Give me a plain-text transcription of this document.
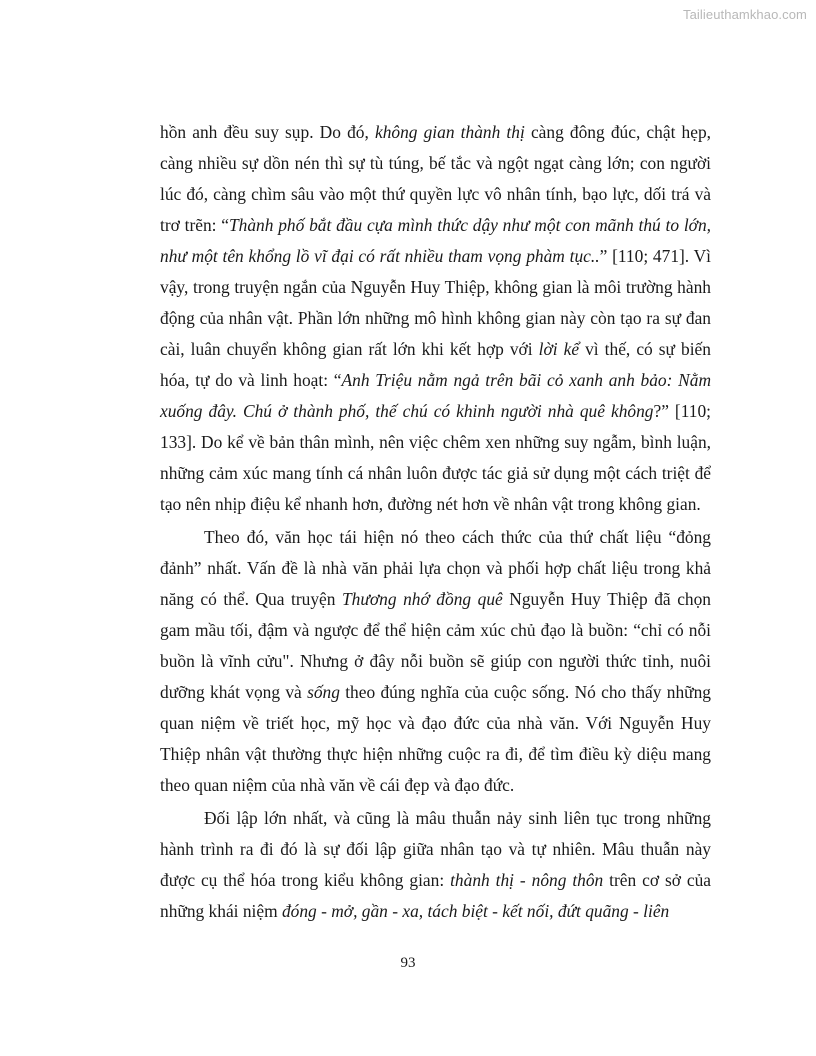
Tailieuthamkhao.com

hồn anh đều suy sụp. Do đó, không gian thành thị càng đông đúc, chật hẹp, càng nhiều sự dồn nén thì sự tù túng, bế tắc và ngột ngạt càng lớn; con người lúc đó, càng chìm sâu vào một thứ quyền lực vô nhân tính, bạo lực, dối trá và trơ trẽn: “Thành phố bắt đầu cựa mình thức dậy như một con mãnh thú to lớn, như một tên khổng lồ vĩ đại có rất nhiều tham vọng phàm tục..” [110; 471]. Vì vậy, trong truyện ngắn của Nguyễn Huy Thiệp, không gian là môi trường hành động của nhân vật. Phần lớn những mô hình không gian này còn tạo ra sự đan cài, luân chuyển không gian rất lớn khi kết hợp với lời kể vì thế, có sự biến hóa, tự do và linh hoạt: “Anh Triệu nằm ngả trên bãi cỏ xanh anh bảo: Nằm xuống đây. Chú ở thành phố, thế chú có khinh người nhà quê không?” [110; 133]. Do kể về bản thân mình, nên việc chêm xen những suy ngẫm, bình luận, những cảm xúc mang tính cá nhân luôn được tác giả sử dụng một cách triệt để tạo nên nhịp điệu kể nhanh hơn, đường nét hơn về nhân vật trong không gian.

Theo đó, văn học tái hiện nó theo cách thức của thứ chất liệu “đỏng đảnh” nhất. Vấn đề là nhà văn phải lựa chọn và phối hợp chất liệu trong khả năng có thể. Qua truyện Thương nhớ đồng quê Nguyễn Huy Thiệp đã chọn gam mầu tối, đậm và ngược để thể hiện cảm xúc chủ đạo là buồn: “chỉ có nỗi buồn là vĩnh cửu". Nhưng ở đây nỗi buồn sẽ giúp con người thức tỉnh, nuôi dưỡng khát vọng và sống theo đúng nghĩa của cuộc sống. Nó cho thấy những quan niệm về triết học, mỹ học và đạo đức của nhà văn. Với Nguyễn Huy Thiệp nhân vật thường thực hiện những cuộc ra đi, để tìm điều kỳ diệu mang theo quan niệm của nhà văn về cái đẹp và đạo đức.

Đối lập lớn nhất, và cũng là mâu thuẫn nảy sinh liên tục trong những hành trình ra đi đó là sự đối lập giữa nhân tạo và tự nhiên. Mâu thuẫn này được cụ thể hóa trong kiểu không gian: thành thị - nông thôn trên cơ sở của những khái niệm đóng - mở, gần - xa, tách biệt - kết nối, đứt quãng - liên

93
